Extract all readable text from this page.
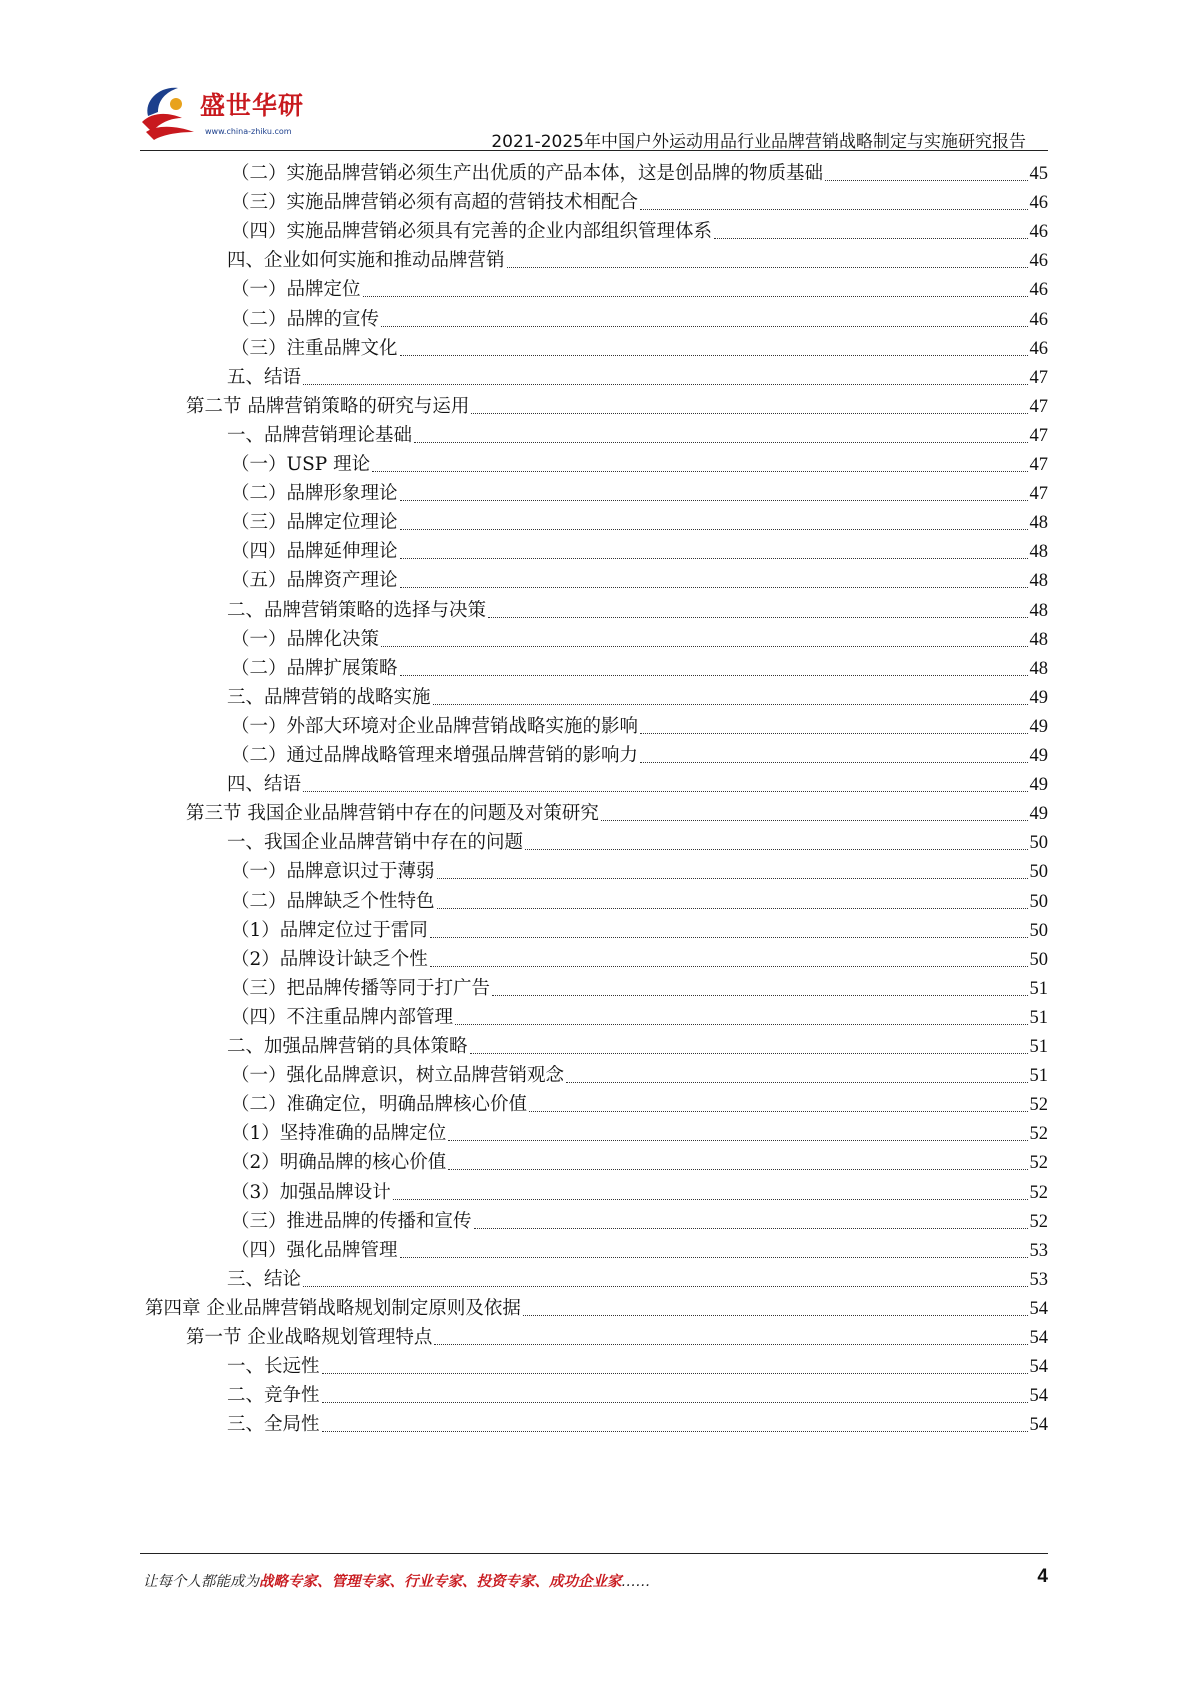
盛世华研
www.china-zhiku.com
2021-2025年中国户外运动用品行业品牌营销战略制定与实施研究报告
（二）实施品牌营销必须生产出优质的产品本体，这是创品牌的物质基础	45
（三）实施品牌营销必须有高超的营销技术相配合	46
（四）实施品牌营销必须具有完善的企业内部组织管理体系	46
四、企业如何实施和推动品牌营销	46
（一）品牌定位	46
（二）品牌的宣传	46
（三）注重品牌文化	46
五、结语	47
第二节 品牌营销策略的研究与运用	47
一、品牌营销理论基础	47
（一）USP 理论	47
（二）品牌形象理论	47
（三）品牌定位理论	48
（四）品牌延伸理论	48
（五）品牌资产理论	48
二、品牌营销策略的选择与决策	48
（一）品牌化决策	48
（二）品牌扩展策略	48
三、品牌营销的战略实施	49
（一）外部大环境对企业品牌营销战略实施的影响	49
（二）通过品牌战略管理来增强品牌营销的影响力	49
四、结语	49
第三节 我国企业品牌营销中存在的问题及对策研究	49
一、我国企业品牌营销中存在的问题	50
（一）品牌意识过于薄弱	50
（二）品牌缺乏个性特色	50
（1）品牌定位过于雷同	50
（2）品牌设计缺乏个性	50
（三）把品牌传播等同于打广告	51
（四）不注重品牌内部管理	51
二、加强品牌营销的具体策略	51
（一）强化品牌意识，树立品牌营销观念	51
（二）准确定位，明确品牌核心价值	52
（1）坚持准确的品牌定位	52
（2）明确品牌的核心价值	52
（3）加强品牌设计	52
（三）推进品牌的传播和宣传	52
（四）强化品牌管理	53
三、结论	53
第四章 企业品牌营销战略规划制定原则及依据	54
第一节 企业战略规划管理特点	54
一、长远性	54
二、竞争性	54
三、全局性	54
让每个人都能成为战略专家、管理专家、行业专家、投资专家、成功企业家……	4
